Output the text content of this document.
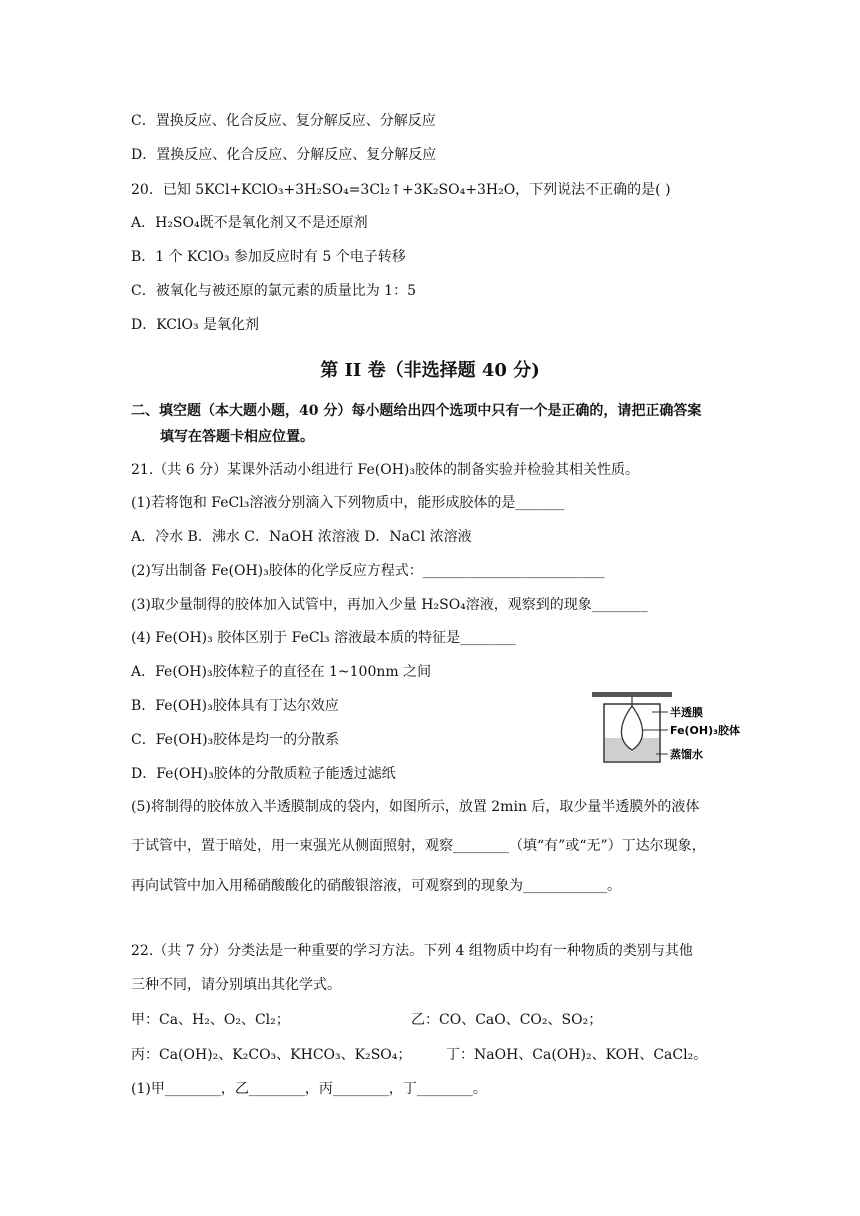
C．置换反应、化合反应、复分解反应、分解反应
D．置换反应、化合反应、分解反应、复分解反应
20．已知 5KCl+KClO₃+3H₂SO₄=3Cl₂↑+3K₂SO₄+3H₂O，下列说法不正确的是( )
A．H₂SO₄既不是氧化剂又不是还原剂
B．1 个 KClO₃ 参加反应时有 5 个电子转移
C．被氧化与被还原的氯元素的质量比为 1：5
D．KClO₃ 是氧化剂
第 II 卷（非选择题 40 分)
二、填空题（本大题小题，40 分）每小题给出四个选项中只有一个是正确的，请把正确答案
填写在答题卡相应位置。
21.（共 6 分）某课外活动小组进行 Fe(OH)₃胶体的制备实验并检验其相关性质。
(1)若将饱和 FeCl₃溶液分别滴入下列物质中，能形成胶体的是_______
A．冷水 B．沸水 C．NaOH 浓溶液 D．NaCl 浓溶液
(2)写出制备 Fe(OH)₃胶体的化学反应方程式：__________________________
(3)取少量制得的胶体加入试管中，再加入少量 H₂SO₄溶液，观察到的现象________
(4) Fe(OH)₃ 胶体区别于 FeCl₃ 溶液最本质的特征是________
A．Fe(OH)₃胶体粒子的直径在 1~100nm 之间
B．Fe(OH)₃胶体具有丁达尔效应
C．Fe(OH)₃胶体是均一的分散系
D．Fe(OH)₃胶体的分散质粒子能透过滤纸
半透膜
Fe(OH)₃胶体
蒸馏水
(5)将制得的胶体放入半透膜制成的袋内，如图所示，放置 2min 后，取少量半透膜外的液体
于试管中，置于暗处，用一束强光从侧面照射，观察________（填“有”或“无”）丁达尔现象，
再向试管中加入用稀硝酸酸化的硝酸银溶液，可观察到的现象为____________。
22.（共 7 分）分类法是一种重要的学习方法。下列 4 组物质中均有一种物质的类别与其他
三种不同，请分别填出其化学式。
甲：Ca、H₂、O₂、Cl₂；	乙：CO、CaO、CO₂、SO₂；
丙：Ca(OH)₂、K₂CO₃、KHCO₃、K₂SO₄； 丁：NaOH、Ca(OH)₂、KOH、CaCl₂。
(1)甲________，乙________，丙________，丁________。
